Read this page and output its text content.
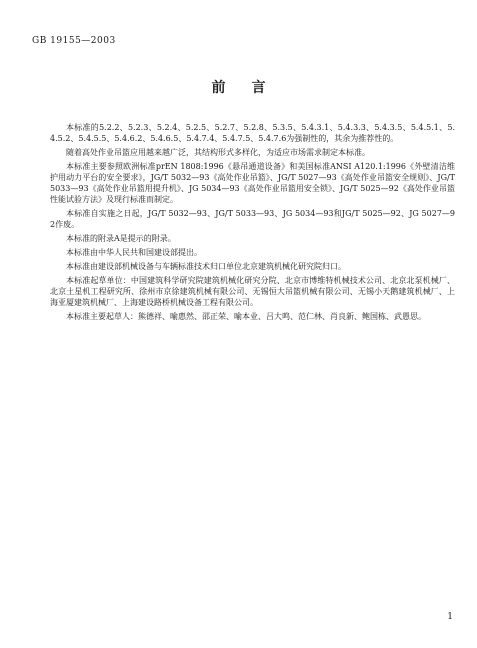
GB 19155—2003
前言

本标准的5.2.2、5.2.3、5.2.4、5.2.5、5.2.7、5.2.8、5.3.5、5.4.3.1、5.4.3.3、5.4.3.5、5.4.5.1、5.4.5.2、5.4.5.5、5.4.6.2、5.4.6.5、5.4.7.4、5.4.7.5、5.4.7.6为强制性的，其余为推荐性的。

随着高处作业吊篮应用越来越广泛，其结构形式多样化，为适应市场需求制定本标准。

本标准主要参照欧洲标准prEN 1808:1996《悬吊通道设备》和美国标准ANSI A120.1:1996《外壁清洁维护用动力平台的安全要求》，JG/T 5032—93《高处作业吊篮》、JG/T 5027—93《高处作业吊篮安全规则》、JG/T 5033—93《高处作业吊篮用提升机》、JG 5034—93《高处作业吊篮用安全锁》、JG/T 5025—92《高处作业吊篮性能试验方法》及现行标准而制定。

本标准自实施之日起，JG/T 5032—93、JG/T 5033—93、JG 5034—93和JG/T 5025—92、JG 5027—92作废。

本标准的附录A是提示的附录。

本标准由中华人民共和国建设部提出。

本标准由建设部机械设备与车辆标准技术归口单位北京建筑机械化研究院归口。

本标准起草单位：中国建筑科学研究院建筑机械化研究分院、北京市博维特机械技术公司、北京北泵机械厂、北京土星机工程研究所、徐州市京徐建筑机械有限公司、无锡恒大吊篮机械有限公司、无锡小天鹅建筑机械厂、上海亚厦建筑机械厂、上海建设路桥机械设备工程有限公司。

本标准主要起草人：熊德祥、喻惠然、邵正荣、喻本业、吕大鸣、范仁林、肖良新、鲍国栋、武愚思。

1
